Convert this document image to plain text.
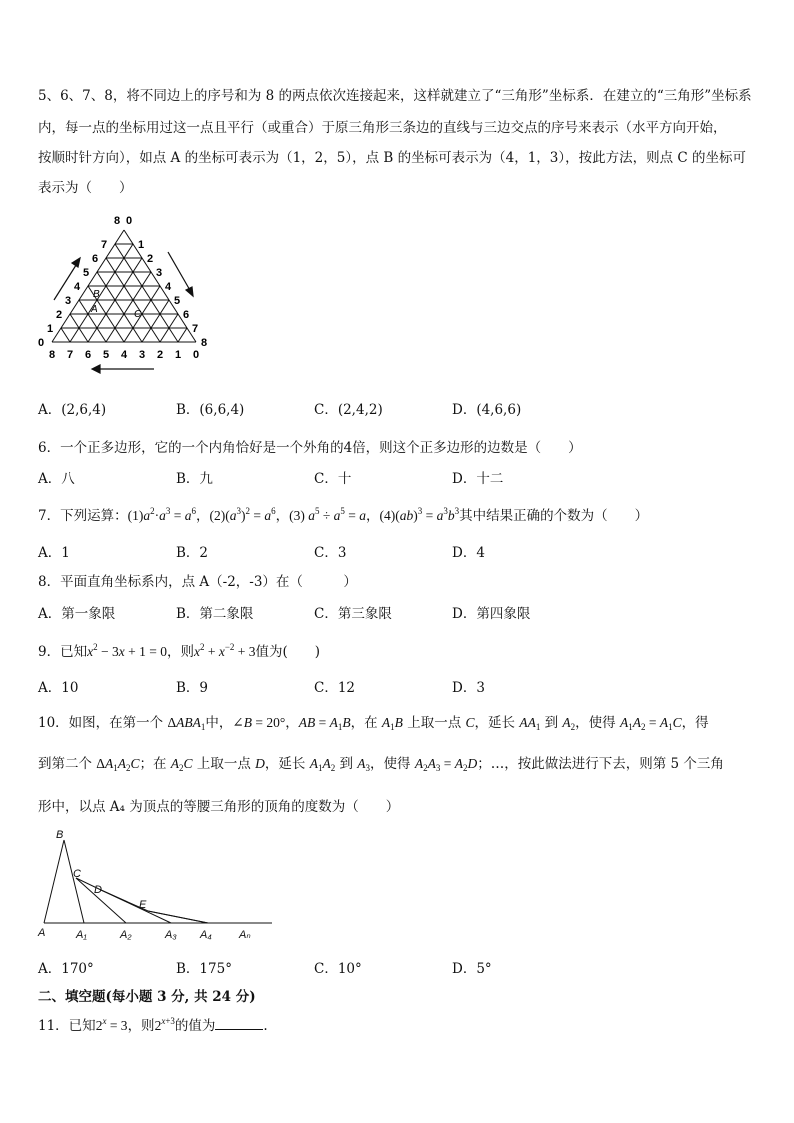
5、6、7、8，将不同边上的序号和为 8 的两点依次连接起来，这样就建立了“三角形”坐标系．在建立的“三角形”坐标系
内，每一点的坐标用过这一点且平行（或重合）于原三角形三条边的直线与三边交点的序号来表示（水平方向开始，
按顺时针方向），如点 A 的坐标可表示为（1，2，5），点 B 的坐标可表示为（4，1，3），按此方法，则点 C 的坐标可
表示为（　　）
8 0
7
6
5
4
3
2
1
0
1
2
3
4
5
6
7
8
8 7 6 5 4 3 2 1 0
B
A	C
A．(2,6,4)	B．(6,6,4)	C．(2,4,2)	D．(4,6,6)
6．一个正多边形，它的一个内角恰好是一个外角的4倍，则这个正多边形的边数是（　　）
A．八	B．九	C．十	D．十二
7．下列运算：$(1)a^2\cdot a^3 = a^6$，$(2)(a^3)^2 = a^6$，(3) $a^5 \div a^5 = a$，$(4)(ab)^3 = a^3b^3$其中结果正确的个数为（　　）
A．1	B．2	C．3	D．4
8．平面直角坐标系内，点 A（-2，-3）在（　　　）
A．第一象限	B．第二象限	C．第三象限	D．第四象限
9．已知$x^2 - 3x + 1 = 0$，则$x^2 + x^{-2} + 3$值为(　　)
A．10	B．9	C．12	D．3
10．如图，在第一个 $\Delta ABA_1$中，∠B = 20°，AB = $A_1B$，在 $A_1B$ 上取一点 C，延长 $AA_1$ 到 $A_2$，使得 $A_1A_2 = A_1C$，得
到第二个 $\Delta A_1A_2C$；在 $A_2C$ 上取一点 D，延长 $A_1A_2$ 到 $A_3$，使得 $A_2A_3 = A_2D$；…，按此做法进行下去，则第 5 个三角
形中，以点 A₄ 为顶点的等腰三角形的顶角的度数为（　　）
B
C
D
E
A	A₁	A₂	A₃ A₄ Aₙ
A．170°	B．175°	C．10°	D．5°
二、填空题(每小题 3 分, 共 24 分)
11．已知$2^x = 3$，则$2^{x+3}$的值为	.
